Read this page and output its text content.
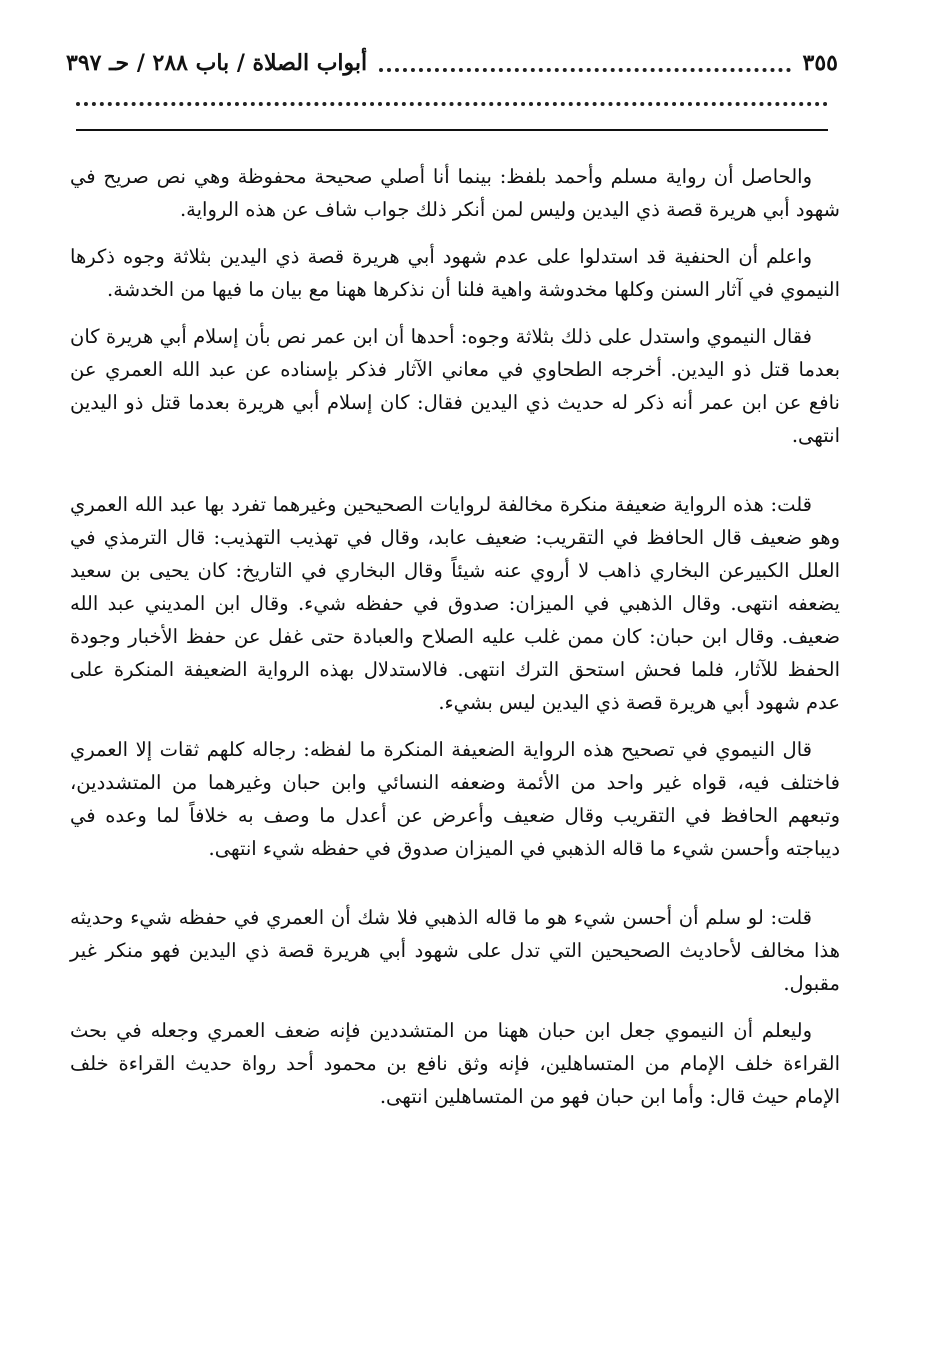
أبواب الصلاة / باب ٢٨٨ / حـ ٣٩٧	٣٥٥

والحاصل أن رواية مسلم وأحمد بلفظ: بينما أنا أصلي صحيحة محفوظة وهي نص صريح في شهود أبي هريرة قصة ذي اليدين وليس لمن أنكر ذلك جواب شاف عن هذه الرواية.

واعلم أن الحنفية قد استدلوا على عدم شهود أبي هريرة قصة ذي اليدين بثلاثة وجوه ذكرها النيموي في آثار السنن وكلها مخدوشة واهية فلنا أن نذكرها ههنا مع بيان ما فيها من الخدشة.

فقال النيموي واستدل على ذلك بثلاثة وجوه: أحدها أن ابن عمر نص بأن إسلام أبي هريرة كان بعدما قتل ذو اليدين. أخرجه الطحاوي في معاني الآثار فذكر بإسناده عن عبد الله العمري عن نافع عن ابن عمر أنه ذكر له حديث ذي اليدين فقال: كان إسلام أبي هريرة بعدما قتل ذو اليدين انتهى.

قلت: هذه الرواية ضعيفة منكرة مخالفة لروايات الصحيحين وغيرهما تفرد بها عبد الله العمري وهو ضعيف قال الحافظ في التقريب: ضعيف عابد، وقال في تهذيب التهذيب: قال الترمذي في العلل الكبيرعن البخاري ذاهب لا أروي عنه شيئاً وقال البخاري في التاريخ: كان يحيى بن سعيد يضعفه انتهى. وقال الذهبي في الميزان: صدوق في حفظه شيء. وقال ابن المديني عبد الله ضعيف. وقال ابن حبان: كان ممن غلب عليه الصلاح والعبادة حتى غفل عن حفظ الأخبار وجودة الحفظ للآثار، فلما فحش استحق الترك انتهى. فالاستدلال بهذه الرواية الضعيفة المنكرة على عدم شهود أبي هريرة قصة ذي اليدين ليس بشيء.

قال النيموي في تصحيح هذه الرواية الضعيفة المنكرة ما لفظه: رجاله كلهم ثقات إلا العمري فاختلف فيه، قواه غير واحد من الأئمة وضعفه النسائي وابن حبان وغيرهما من المتشددين، وتبعهم الحافظ في التقريب وقال ضعيف وأعرض عن أعدل ما وصف به خلافاً لما وعده في ديباجته وأحسن شيء ما قاله الذهبي في الميزان صدوق في حفظه شيء انتهى.

قلت: لو سلم أن أحسن شيء هو ما قاله الذهبي فلا شك أن العمري في حفظه شيء وحديثه هذا مخالف لأحاديث الصحيحين التي تدل على شهود أبي هريرة قصة ذي اليدين فهو منكر غير مقبول.

وليعلم أن النيموي جعل ابن حبان ههنا من المتشددين فإنه ضعف العمري وجعله في بحث القراءة خلف الإمام من المتساهلين، فإنه وثق نافع بن محمود أحد رواة حديث القراءة خلف الإمام حيث قال: وأما ابن حبان فهو من المتساهلين انتهى.
